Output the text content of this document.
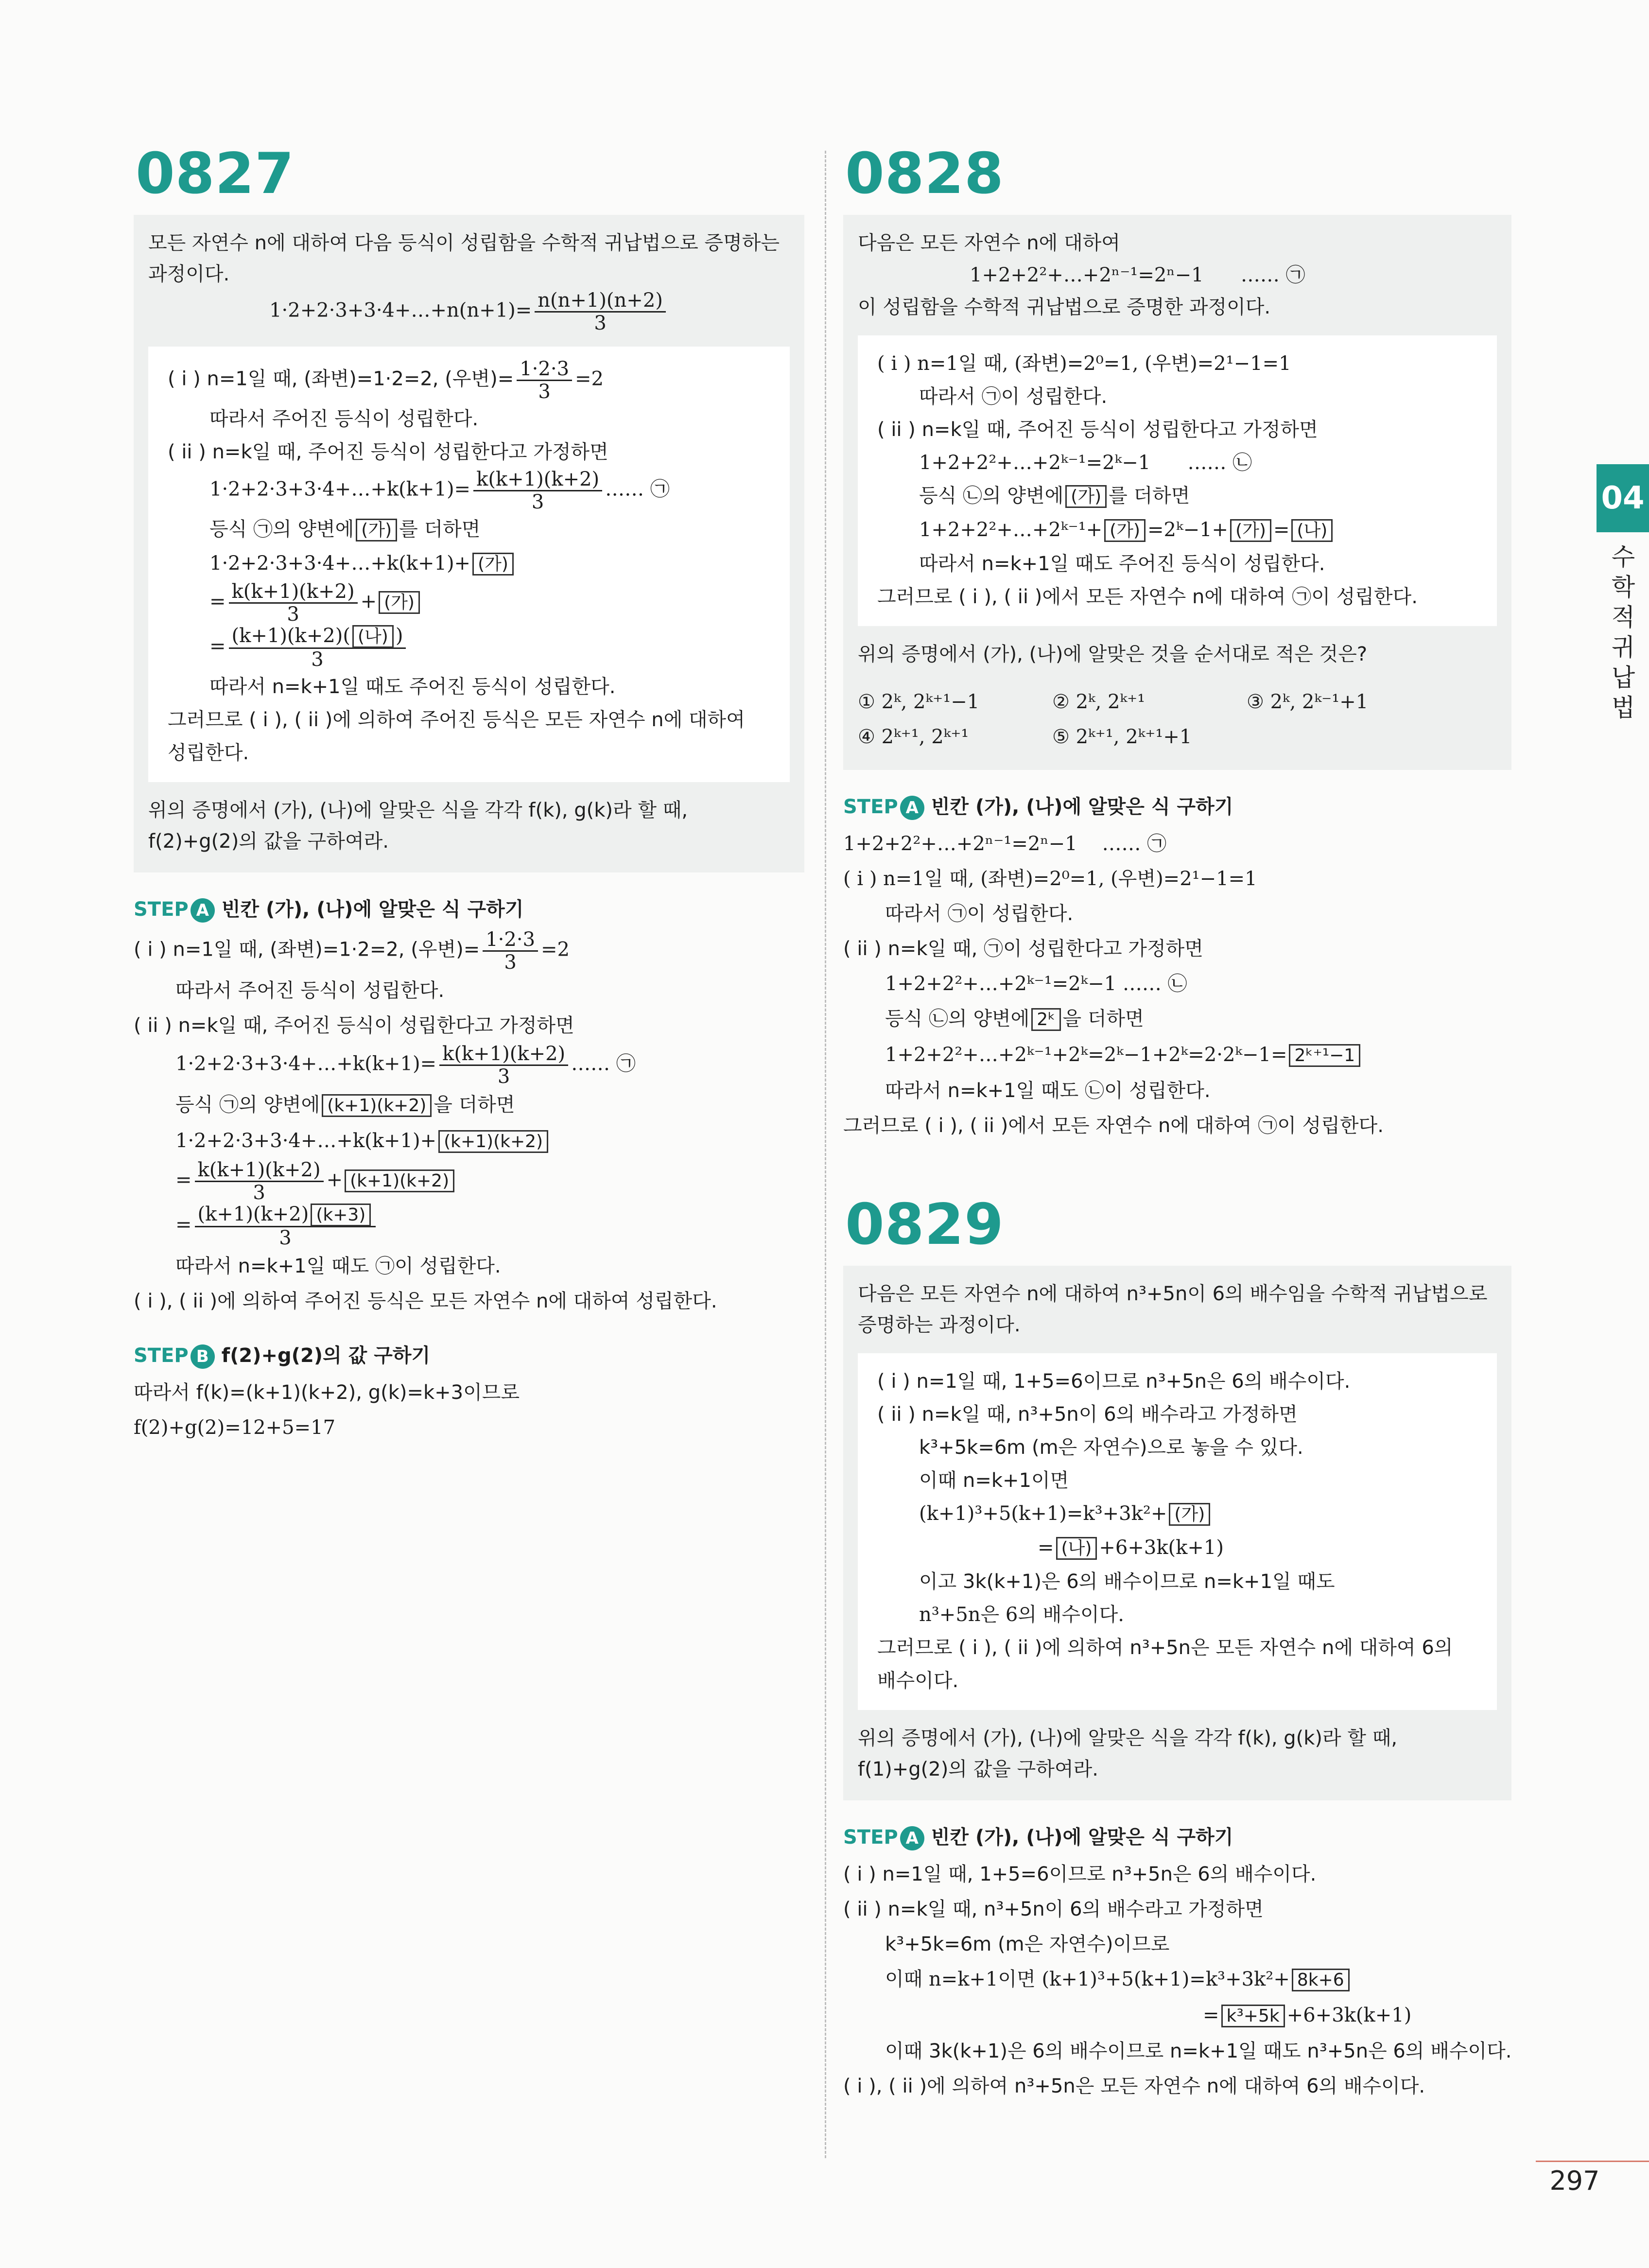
0827

모든 자연수 n에 대하여 다음 등식이 성립함을 수학적 귀납법으로 증명하는 과정이다.

1·2+2·3+3·4+…+n(n+1)= $\frac{n(n+1)(n+2)}{3}$
( i ) n=1일 때, (좌변)=1·2=2, (우변)= $\frac{1\cdot 2\cdot 3}{3} =2$
따라서 주어진 등식이 성립한다.
( ii ) n=k일 때, 주어진 등식이 성립한다고 가정하면
1·2+2·3+3·4+…+k(k+1)= $\frac{k(k+1)(k+2)}{3}$ …… ㉠
등식 ㉠의 양변에 (가) 를 더하면
1·2+2·3+3·4+…+k(k+1)+ (가)
= $\frac{k(k+1)(k+2)}{3}$ + (가)
= $\frac{\text{(k+1)(k+2)( (나) )}}{3}$
따라서 n=k+1일 때도 주어진 등식이 성립한다.
그러므로 ( i ), ( ii )에 의하여 주어진 등식은 모든 자연수 n에 대하여
성립한다.

위의 증명에서 (가), (나)에 알맞은 식을 각각 f(k), g(k)라 할 때,

f(2)+g(2)의 값을 구하여라.

STEP A 빈칸 (가), (나)에 알맞은 식 구하기
( i ) n=1일 때, (좌변)=1·2=2, (우변)= $\frac{1\cdot 2\cdot 3}{3} =2$
따라서 주어진 등식이 성립한다.
( ii ) n=k일 때, 주어진 등식이 성립한다고 가정하면
1·2+2·3+3·4+…+k(k+1)= $\frac{k(k+1)(k+2)}{3}$ …… ㉠
등식 ㉠의 양변에 (k+1)(k+2) 을 더하면
1·2+2·3+3·4+…+k(k+1)+ (k+1)(k+2)
= $\frac{k(k+1)(k+2)}{3} + (k+1)(k+2)$
= $\frac{(k+1)(k+2) (k+3)}{3}$
따라서 n=k+1일 때도 ㉠이 성립한다.
( i ), ( ii )에 의하여 주어진 등식은 모든 자연수 n에 대하여 성립한다.
STEP B f(2)+g(2)의 값 구하기
따라서 f(k)=(k+1)(k+2), g(k)=k+3이므로
f(2)+g(2)=12+5=17
0828

다음은 모든 자연수 n에 대하여

1+2+2²+…+2ⁿ⁻¹=2ⁿ−1 …… ㉠

이 성립함을 수학적 귀납법으로 증명한 과정이다.

( i ) n=1일 때, (좌변)=2⁰=1, (우변)=2¹−1=1
따라서 ㉠이 성립한다.
( ii ) n=k일 때, 주어진 등식이 성립한다고 가정하면
1+2+2²+…+2ᵏ⁻¹=2ᵏ−1 …… ㉡
등식 ㉡의 양변에 (가) 를 더하면
1+2+2²+…+2ᵏ⁻¹+ (가) =2ᵏ−1+ (가) = (나)
따라서 n=k+1일 때도 주어진 등식이 성립한다.
그러므로 ( i ), ( ii )에서 모든 자연수 n에 대하여 ㉠이 성립한다.

위의 증명에서 (가), (나)에 알맞은 것을 순서대로 적은 것은?

① 2ᵏ, 2ᵏ⁺¹−1	② 2ᵏ, 2ᵏ⁺¹	③ 2ᵏ, 2ᵏ⁻¹+1
④ 2ᵏ⁺¹, 2ᵏ⁺¹	⑤ 2ᵏ⁺¹, 2ᵏ⁺¹+1
STEP A 빈칸 (가), (나)에 알맞은 식 구하기
1+2+2²+…+2ⁿ⁻¹=2ⁿ−1 …… ㉠
( i ) n=1일 때, (좌변)=2⁰=1, (우변)=2¹−1=1
따라서 ㉠이 성립한다.
( ii ) n=k일 때, ㉠이 성립한다고 가정하면
1+2+2²+…+2ᵏ⁻¹=2ᵏ−1 …… ㉡
등식 ㉡의 양변에 2ᵏ 을 더하면
1+2+2²+…+2ᵏ⁻¹+2ᵏ=2ᵏ−1+2ᵏ=2·2ᵏ−1= 2ᵏ⁺¹−1
따라서 n=k+1일 때도 ㉡이 성립한다.
그러므로 ( i ), ( ii )에서 모든 자연수 n에 대하여 ㉠이 성립한다.
0829

다음은 모든 자연수 n에 대하여 n³+5n이 6의 배수임을 수학적 귀납법으로 증명하는 과정이다.

( i ) n=1일 때, 1+5=6이므로 n³+5n은 6의 배수이다.
( ii ) n=k일 때, n³+5n이 6의 배수라고 가정하면
k³+5k=6m (m은 자연수)으로 놓을 수 있다.
이때 n=k+1이면
(k+1)³+5(k+1)=k³+3k²+ (가)
= (나) +6+3k(k+1)
이고 3k(k+1)은 6의 배수이므로 n=k+1일 때도
n³+5n은 6의 배수이다.
그러므로 ( i ), ( ii )에 의하여 n³+5n은 모든 자연수 n에 대하여 6의
배수이다.

위의 증명에서 (가), (나)에 알맞은 식을 각각 f(k), g(k)라 할 때,

f(1)+g(2)의 값을 구하여라.

STEP A 빈칸 (가), (나)에 알맞은 식 구하기
( i ) n=1일 때, 1+5=6이므로 n³+5n은 6의 배수이다.
( ii ) n=k일 때, n³+5n이 6의 배수라고 가정하면
k³+5k=6m (m은 자연수)이므로
이때 n=k+1이면 (k+1)³+5(k+1)=k³+3k²+ 8k+6
= k³+5k +6+3k(k+1)
이때 3k(k+1)은 6의 배수이므로 n=k+1일 때도 n³+5n은 6의 배수이다.
( i ), ( ii )에 의하여 n³+5n은 모든 자연수 n에 대하여 6의 배수이다.
04
수학적 귀납법
297
